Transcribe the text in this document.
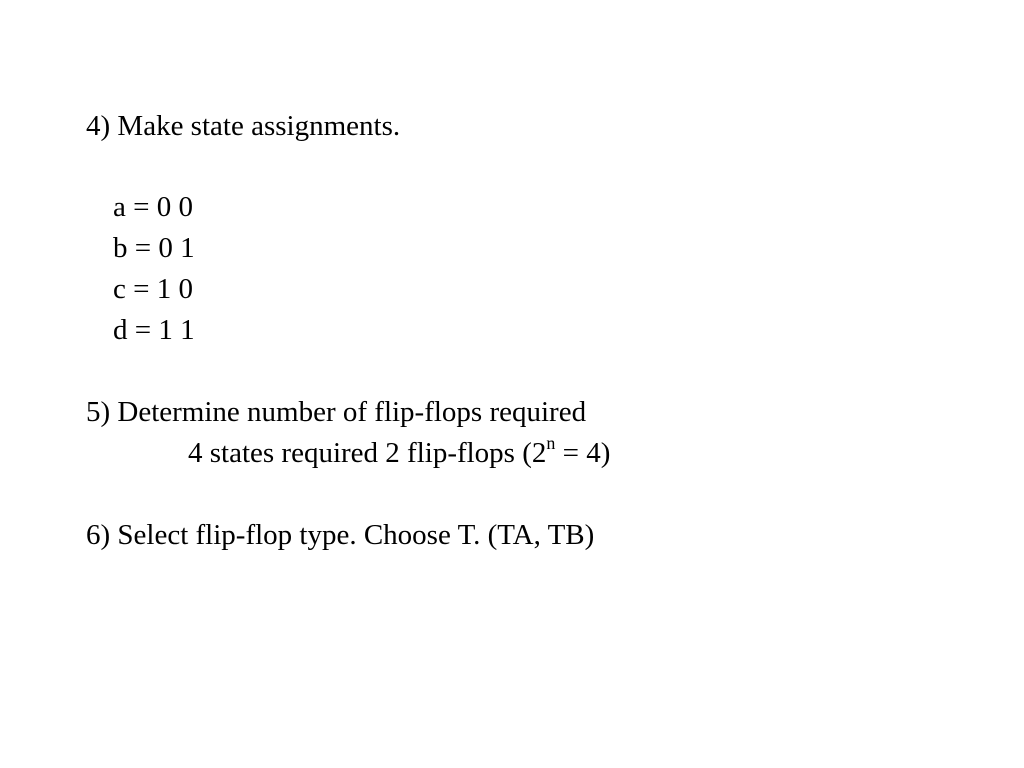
4) Make state assignments.

a = 0 0

b = 0 1

c = 1 0

d = 1 1

5) Determine number of flip-flops required

4 states required 2 flip-flops $(2^n = 4)$

6) Select flip-flop type. Choose T. (TA, TB)
